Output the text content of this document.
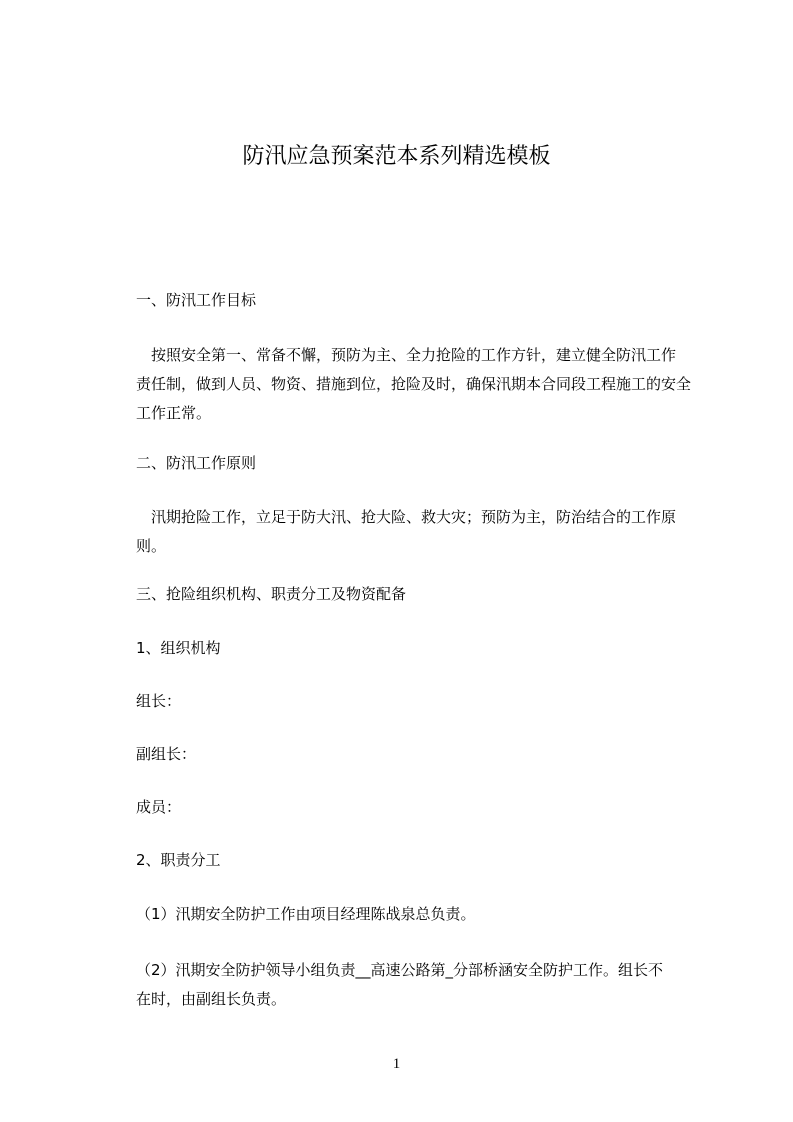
防汛应急预案范本系列精选模板
一、防汛工作目标
　按照安全第一、常备不懈，预防为主、全力抢险的工作方针，建立健全防汛工作
责任制，做到人员、物资、措施到位，抢险及时，确保汛期本合同段工程施工的安全
工作正常。
二、防汛工作原则
　汛期抢险工作，立足于防大汛、抢大险、救大灾；预防为主，防治结合的工作原
则。
三、抢险组织机构、职责分工及物资配备
1、组织机构
组长：
副组长：
成员：
2、职责分工
（1）汛期安全防护工作由项目经理陈战泉总负责。
（2）汛期安全防护领导小组负责__高速公路第_分部桥涵安全防护工作。组长不
在时，由副组长负责。
1
